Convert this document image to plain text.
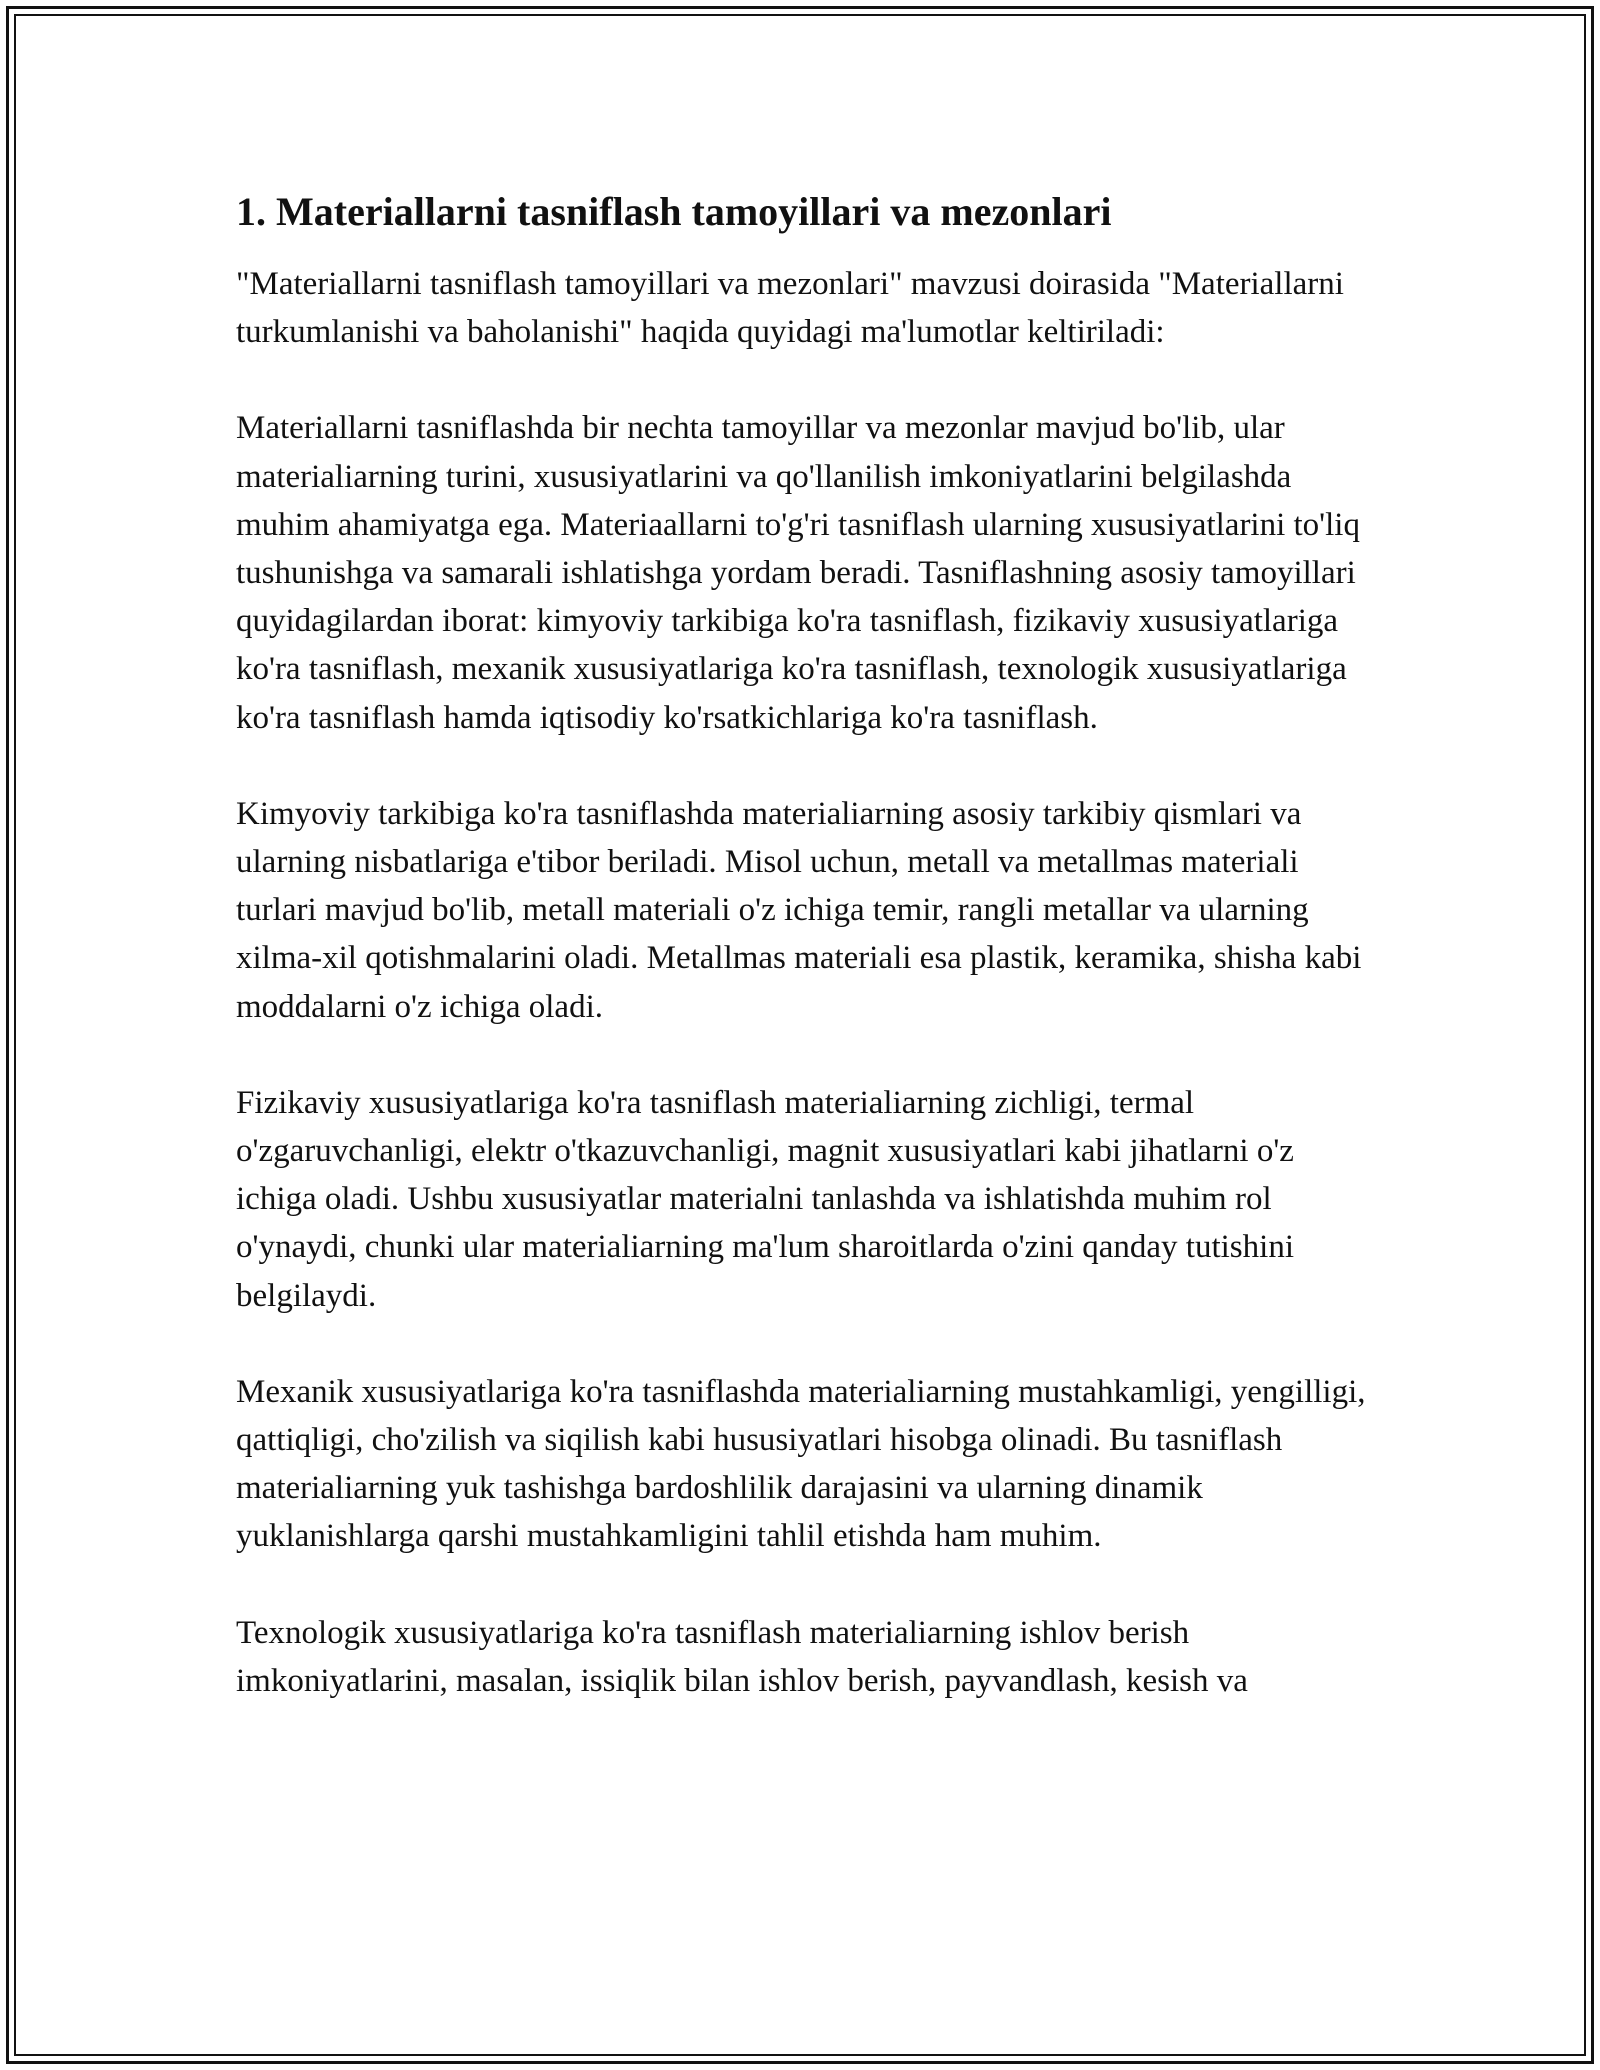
1. Materiallarni tasniflash tamoyillari va mezonlari

"Materiallarni tasniflash tamoyillari va mezonlari" mavzusi doirasida "Materiallarni turkumlanishi va baholanishi" haqida quyidagi ma'lumotlar keltiriladi:

Materiallarni tasniflashda bir nechta tamoyillar va mezonlar mavjud bo'lib, ular materialiarning turini, xususiyatlarini va qo'llanilish imkoniyatlarini belgilashda muhim ahamiyatga ega. Materiaallarni to'g'ri tasniflash ularning xususiyatlarini to'liq tushunishga va samarali ishlatishga yordam beradi. Tasniflashning asosiy tamoyillari quyidagilardan iborat: kimyoviy tarkibiga ko'ra tasniflash, fizikaviy xususiyatlariga ko'ra tasniflash, mexanik xususiyatlariga ko'ra tasniflash, texnologik xususiyatlariga ko'ra tasniflash hamda iqtisodiy ko'rsatkichlariga ko'ra tasniflash.

Kimyoviy tarkibiga ko'ra tasniflashda materialiarning asosiy tarkibiy qismlari va ularning nisbatlariga e'tibor beriladi. Misol uchun, metall va metallmas materiali turlari mavjud bo'lib, metall materiali o'z ichiga temir, rangli metallar va ularning xilma-xil qotishmalarini oladi. Metallmas materiali esa plastik, keramika, shisha kabi moddalarni o'z ichiga oladi.

Fizikaviy xususiyatlariga ko'ra tasniflash materialiarning zichligi, termal o'zgaruvchanligi, elektr o'tkazuvchanligi, magnit xususiyatlari kabi jihatlarni o'z ichiga oladi. Ushbu xususiyatlar materialni tanlashda va ishlatishda muhim rol o'ynaydi, chunki ular materialiarning ma'lum sharoitlarda o'zini qanday tutishini belgilaydi.

Mexanik xususiyatlariga ko'ra tasniflashda materialiarning mustahkamligi, yengilligi, qattiqligi, cho'zilish va siqilish kabi hususiyatlari hisobga olinadi. Bu tasniflash materialiarning yuk tashishga bardoshlilik darajasini va ularning dinamik yuklanishlarga qarshi mustahkamligini tahlil etishda ham muhim.

Texnologik xususiyatlariga ko'ra tasniflash materialiarning ishlov berish imkoniyatlarini, masalan, issiqlik bilan ishlov berish, payvandlash, kesish va
